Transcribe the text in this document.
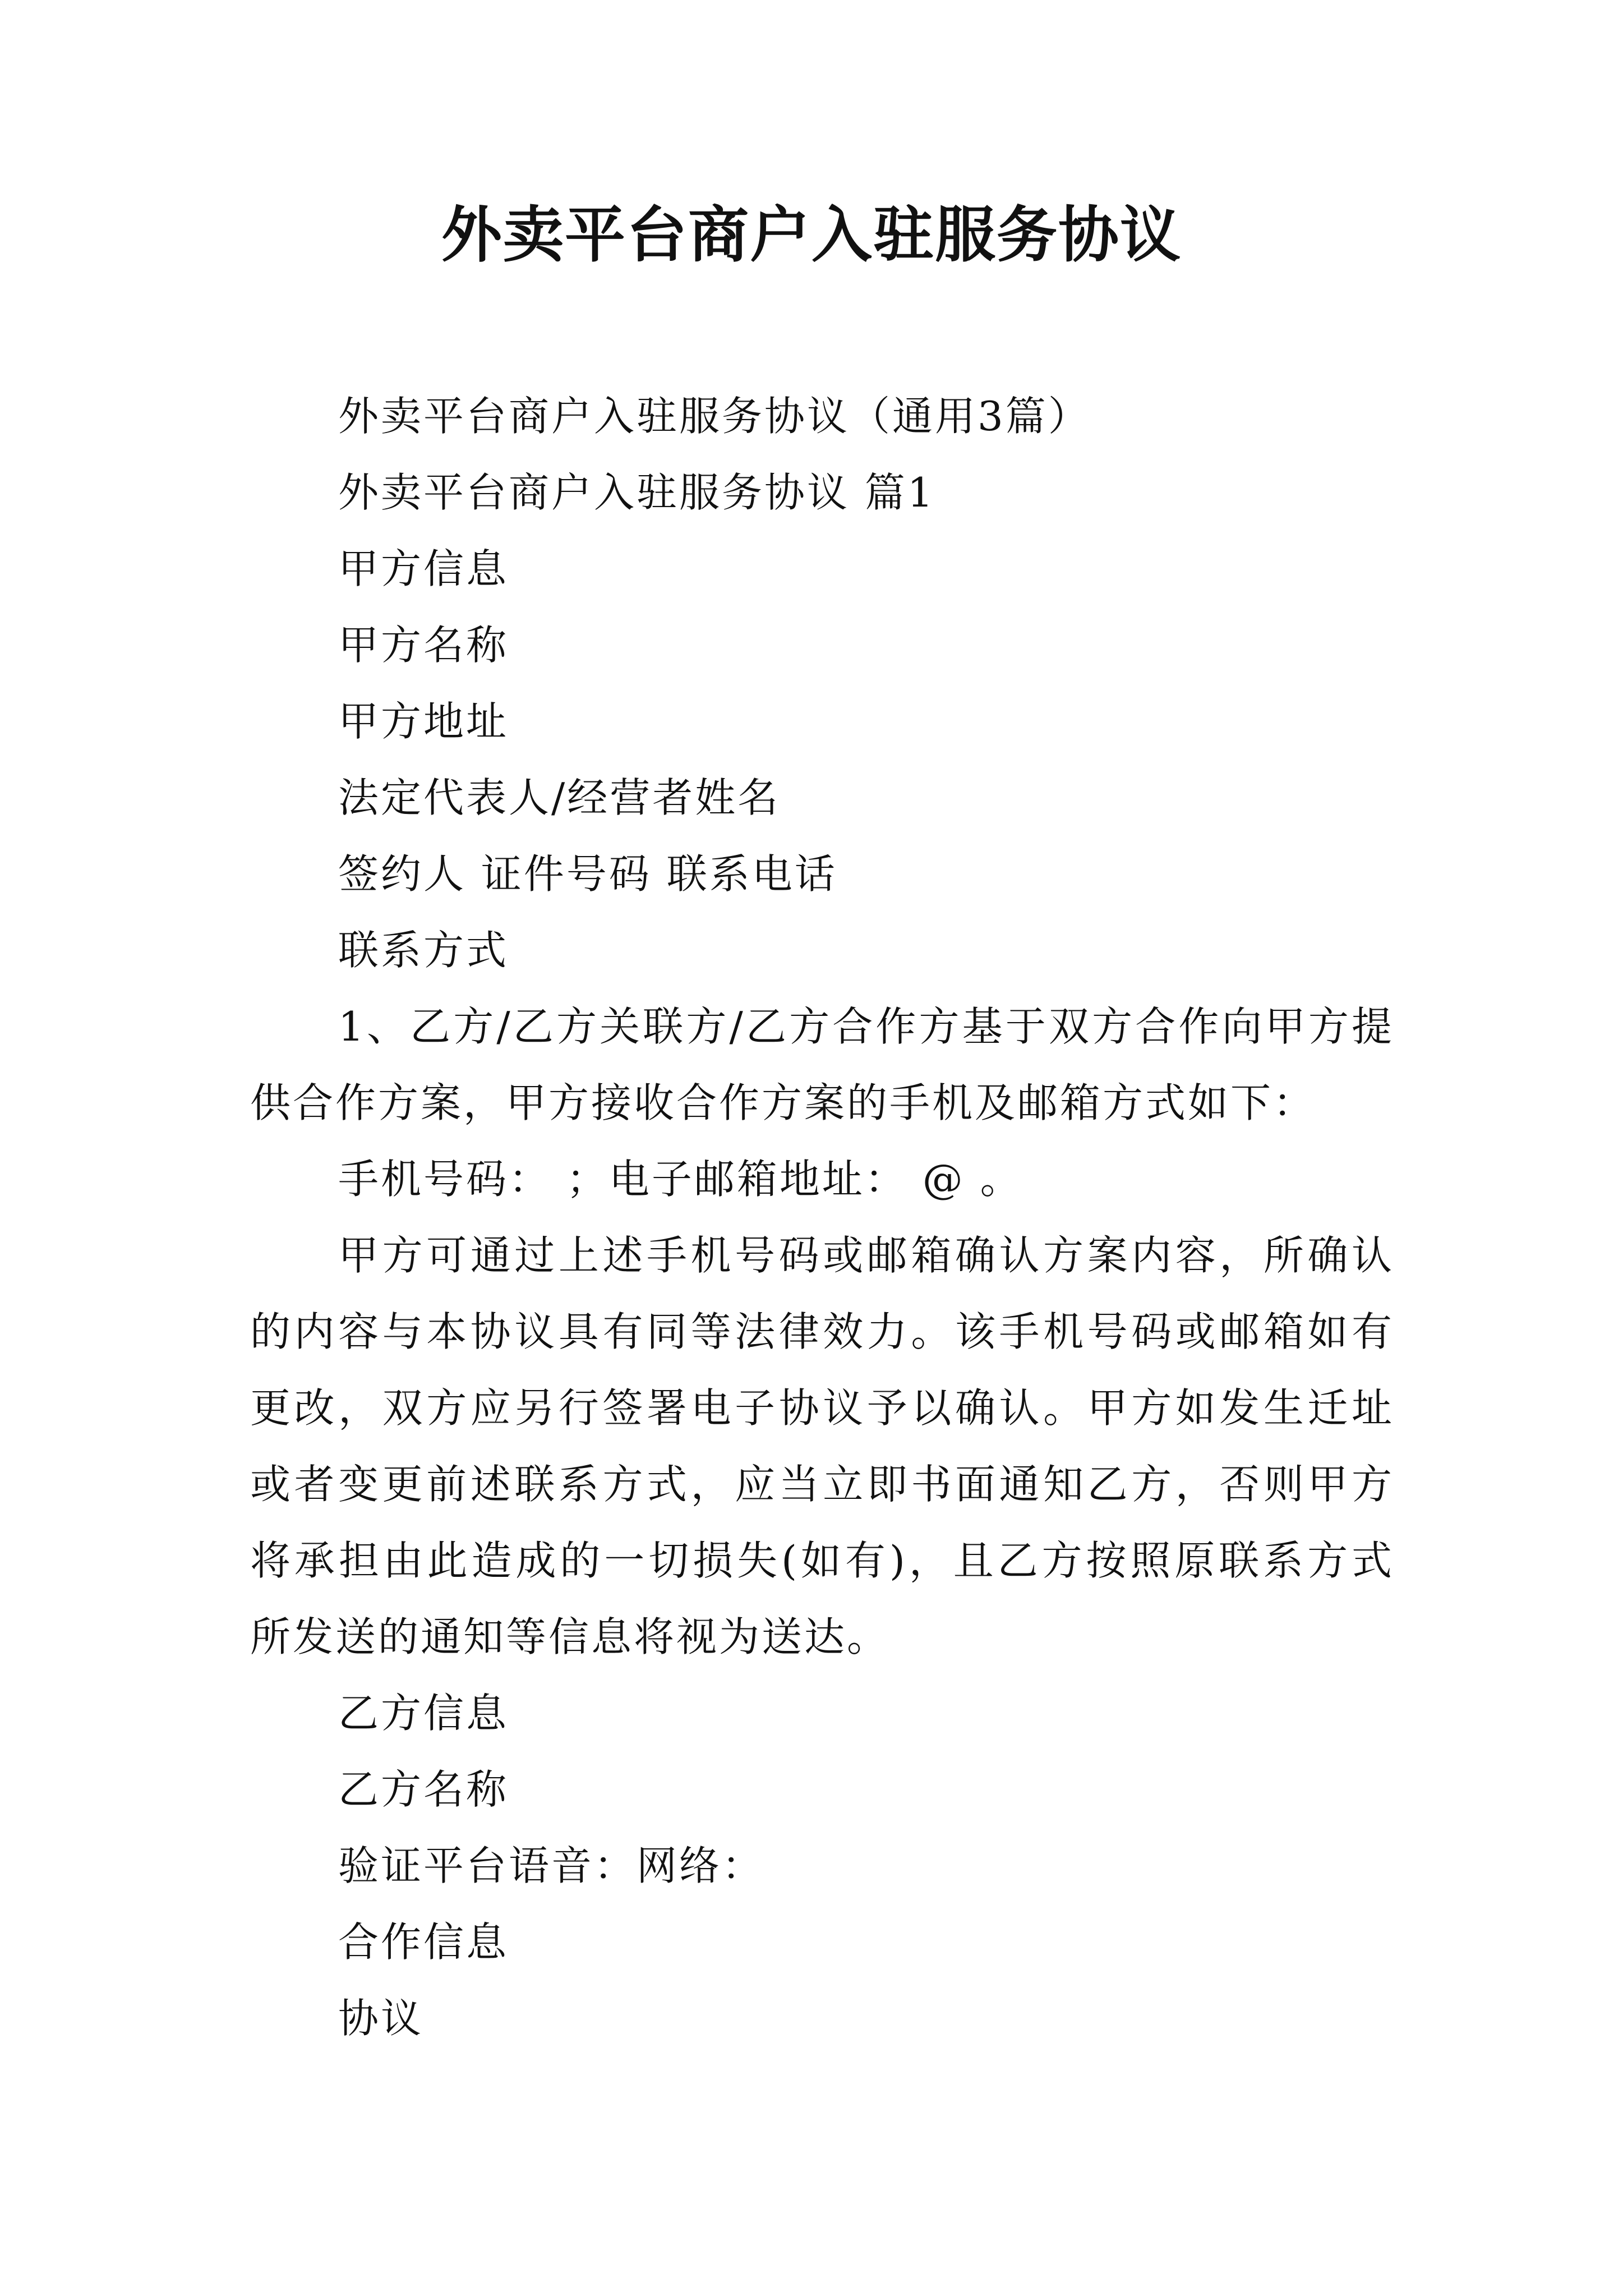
外卖平台商户入驻服务协议

外卖平台商户入驻服务协议（通用3篇）

外卖平台商户入驻服务协议 篇1

甲方信息

甲方名称

甲方地址

法定代表人/经营者姓名

签约人 证件号码 联系电话

联系方式

1、乙方/乙方关联方/乙方合作方基于双方合作向甲方提供合作方案，甲方接收合作方案的手机及邮箱方式如下：

手机号码： ；电子邮箱地址： @ 。

甲方可通过上述手机号码或邮箱确认方案内容，所确认的内容与本协议具有同等法律效力。该手机号码或邮箱如有更改，双方应另行签署电子协议予以确认。甲方如发生迁址或者变更前述联系方式，应当立即书面通知乙方，否则甲方将承担由此造成的一切损失(如有)，且乙方按照原联系方式所发送的通知等信息将视为送达。

乙方信息

乙方名称

验证平台语音：网络：

合作信息

协议
